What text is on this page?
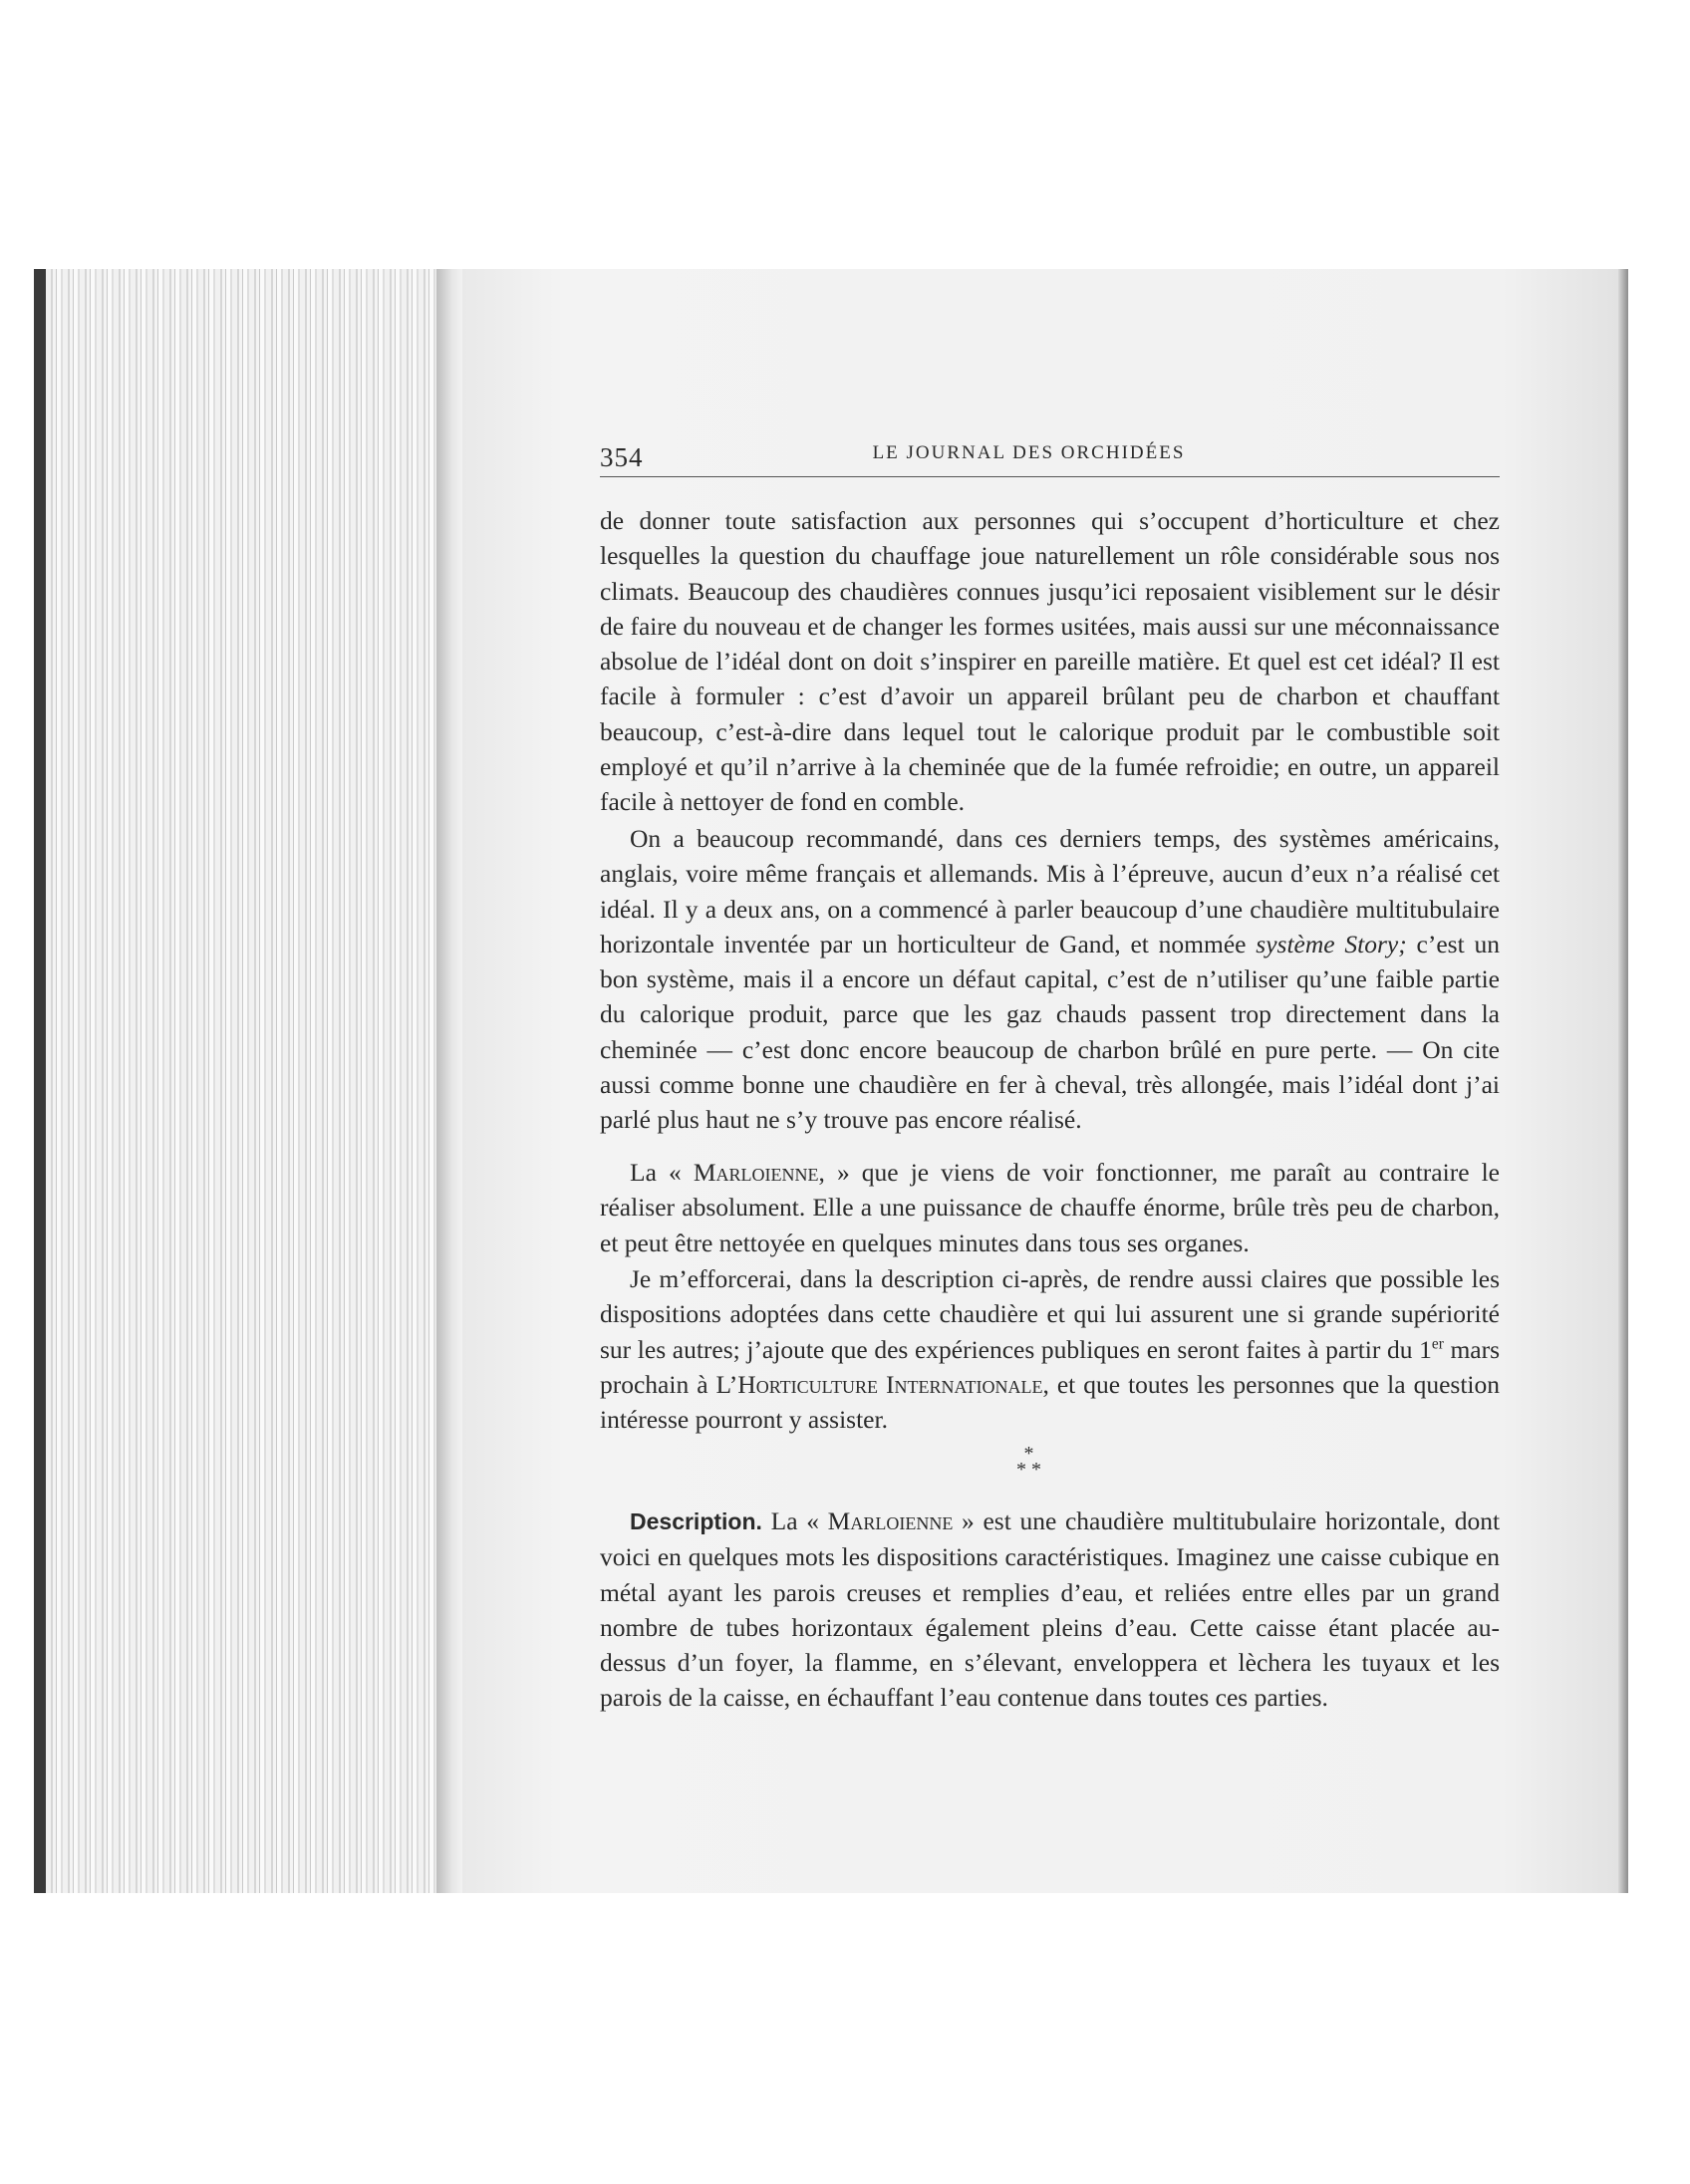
354	LE JOURNAL DES ORCHIDÉES

de donner toute satisfaction aux personnes qui s’occupent d’horticulture et chez lesquelles la question du chauffage joue naturellement un rôle considérable sous nos climats. Beaucoup des chaudières connues jusqu’ici reposaient visiblement sur le désir de faire du nouveau et de changer les formes usitées, mais aussi sur une méconnaissance absolue de l’idéal dont on doit s’inspirer en pareille matière. Et quel est cet idéal? Il est facile à formuler : c’est d’avoir un appareil brûlant peu de charbon et chauffant beaucoup, c’est-à-dire dans lequel tout le calorique produit par le combustible soit employé et qu’il n’arrive à la cheminée que de la fumée refroidie; en outre, un appareil facile à nettoyer de fond en comble.

On a beaucoup recommandé, dans ces derniers temps, des systèmes américains, anglais, voire même français et allemands. Mis à l’épreuve, aucun d’eux n’a réalisé cet idéal. Il y a deux ans, on a commencé à parler beaucoup d’une chaudière multitubulaire horizontale inventée par un horticulteur de Gand, et nommée système Story; c’est un bon système, mais il a encore un défaut capital, c’est de n’utiliser qu’une faible partie du calorique produit, parce que les gaz chauds passent trop directement dans la cheminée — c’est donc encore beaucoup de charbon brûlé en pure perte. — On cite aussi comme bonne une chaudière en fer à cheval, très allongée, mais l’idéal dont j’ai parlé plus haut ne s’y trouve pas encore réalisé.

La « Marloienne, » que je viens de voir fonctionner, me paraît au contraire le réaliser absolument. Elle a une puissance de chauffe énorme, brûle très peu de charbon, et peut être nettoyée en quelques minutes dans tous ses organes.

Je m’efforcerai, dans la description ci-après, de rendre aussi claires que possible les dispositions adoptées dans cette chaudière et qui lui assurent une si grande supériorité sur les autres; j’ajoute que des expériences publiques en seront faites à partir du 1er mars prochain à L’Horticulture Internationale, et que toutes les personnes que la question intéresse pourront y assister.

*
* *

Description. La « Marloienne » est une chaudière multitubulaire horizontale, dont voici en quelques mots les dispositions caractéristiques. Imaginez une caisse cubique en métal ayant les parois creuses et remplies d’eau, et reliées entre elles par un grand nombre de tubes horizontaux également pleins d’eau. Cette caisse étant placée au-dessus d’un foyer, la flamme, en s’élevant, enveloppera et lèchera les tuyaux et les parois de la caisse, en échauffant l’eau contenue dans toutes ces parties.
